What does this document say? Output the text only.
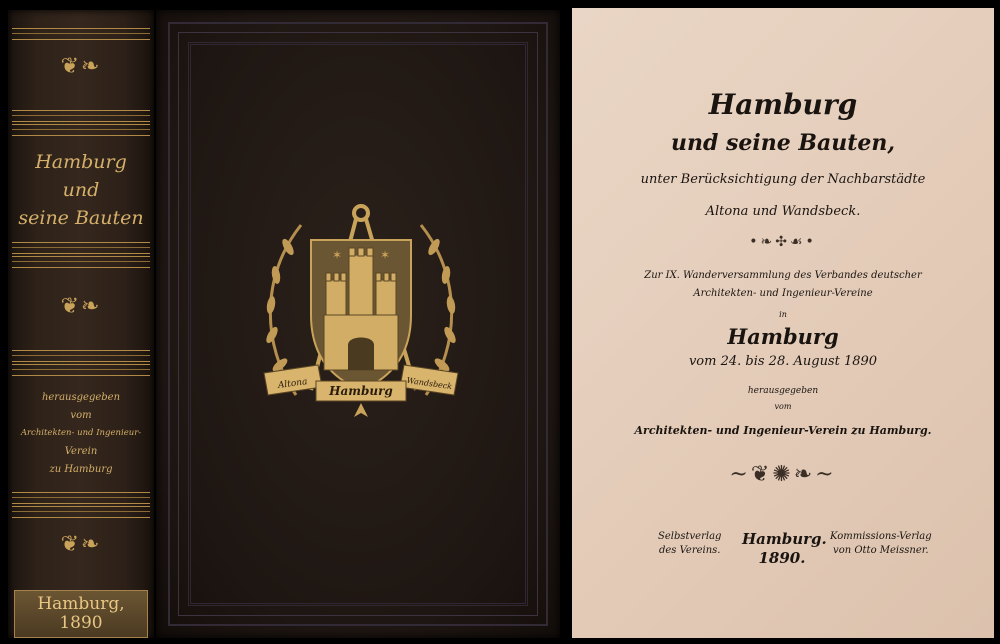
❦❧
Hamburg
und
seine Bauten
❦❧
herausgegeben
vom
Architekten- und Ingenieur-
Verein
zu Hamburg
❦❧
Hamburg,
1890
✶	✶
Altona Hamburg Wandsbeck
Hamburg
und seine Bauten,
unter Berücksichtigung der Nachbarstädte
Altona und Wandsbeck.
•❧✣☙•
Zur IX. Wanderversammlung des Verbandes deutscher
Architekten- und Ingenieur-Vereine
in
Hamburg
vom 24. bis 28. August 1890
herausgegeben
vom
Architekten- und Ingenieur-Verein zu Hamburg.
~❦✺❧~
Selbstverlag
des Vereins.
Hamburg.
1890.
Kommissions-Verlag
von Otto Meissner.
